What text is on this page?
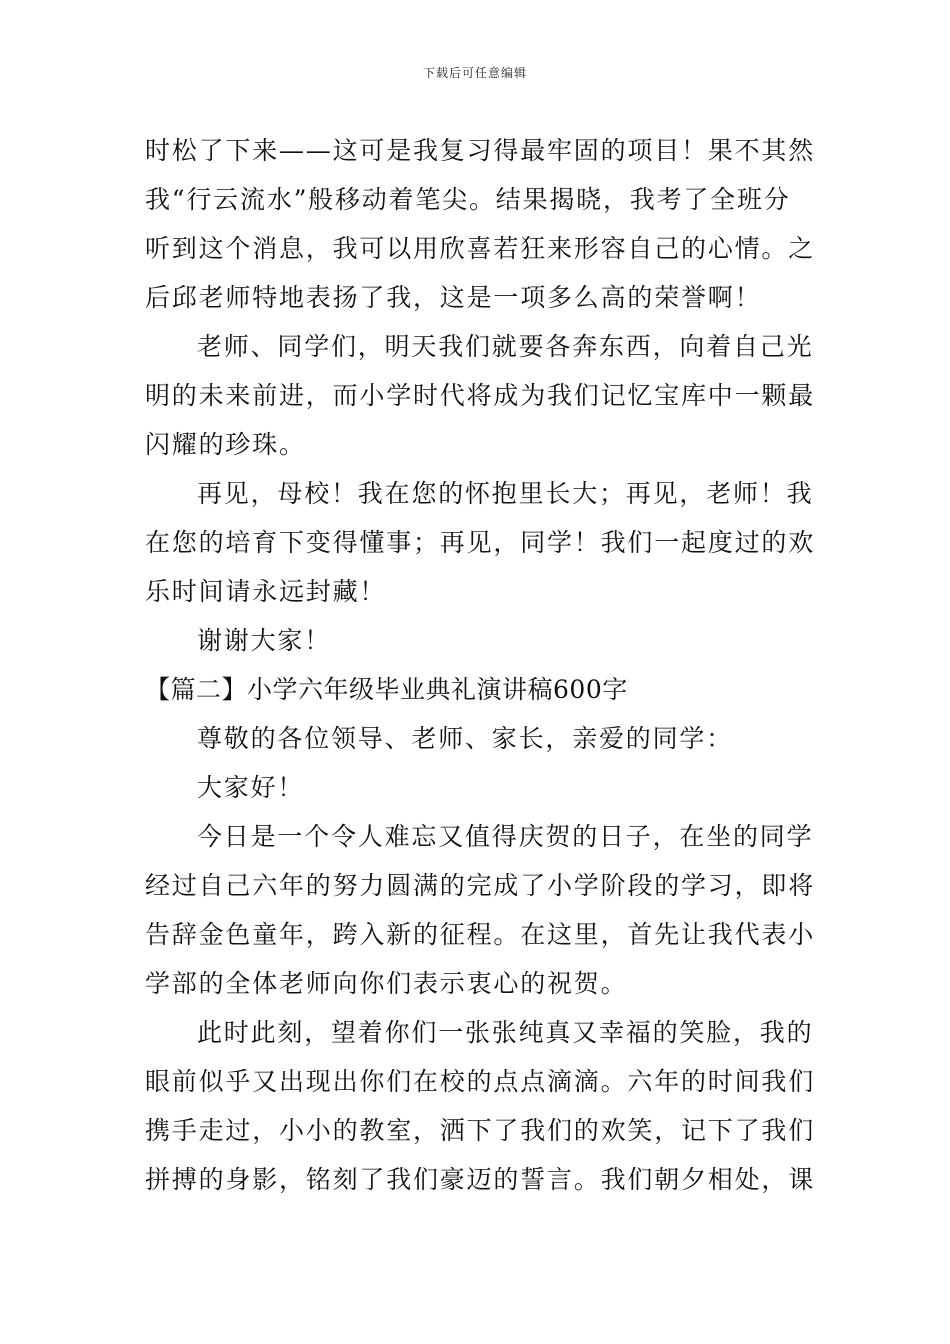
下载后可任意编辑
时松了下来——这可是我复习得最牢固的项目！果不其然
我“行云流水”般移动着笔尖。结果揭晓，我考了全班分
听到这个消息，我可以用欣喜若狂来形容自己的心情。之
后邱老师特地表扬了我，这是一项多么高的荣誉啊！
老师、同学们，明天我们就要各奔东西，向着自己光
明的未来前进，而小学时代将成为我们记忆宝库中一颗最
闪耀的珍珠。
再见，母校！我在您的怀抱里长大；再见，老师！我
在您的培育下变得懂事；再见，同学！我们一起度过的欢
乐时间请永远封藏！
谢谢大家！
【篇二】小学六年级毕业典礼演讲稿600字
尊敬的各位领导、老师、家长，亲爱的同学：
大家好！
今日是一个令人难忘又值得庆贺的日子，在坐的同学
经过自己六年的努力圆满的完成了小学阶段的学习，即将
告辞金色童年，跨入新的征程。在这里，首先让我代表小
学部的全体老师向你们表示衷心的祝贺。
此时此刻，望着你们一张张纯真又幸福的笑脸，我的
眼前似乎又出现出你们在校的点点滴滴。六年的时间我们
携手走过，小小的教室，洒下了我们的欢笑，记下了我们
拼搏的身影，铭刻了我们豪迈的誓言。我们朝夕相处，课
